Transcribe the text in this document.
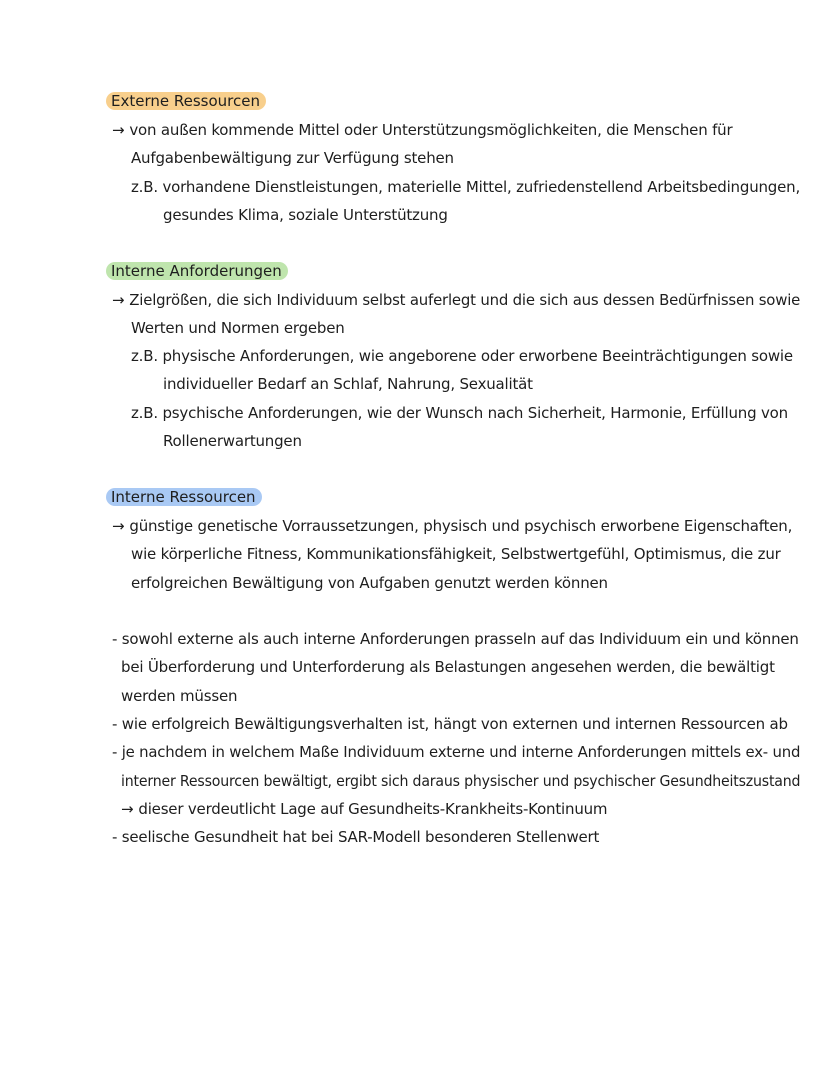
Externe Ressourcen
→ von außen kommende Mittel oder Unterstützungsmöglichkeiten, die Menschen für
Aufgabenbewältigung zur Verfügung stehen
z.B. vorhandene Dienstleistungen, materielle Mittel, zufriedenstellend Arbeitsbedingungen,
gesundes Klima, soziale Unterstützung
Interne Anforderungen
→ Zielgrößen, die sich Individuum selbst auferlegt und die sich aus dessen Bedürfnissen sowie
Werten und Normen ergeben
z.B. physische Anforderungen, wie angeborene oder erworbene Beeinträchtigungen sowie
individueller Bedarf an Schlaf, Nahrung, Sexualität
z.B. psychische Anforderungen, wie der Wunsch nach Sicherheit, Harmonie, Erfüllung von
Rollenerwartungen
Interne Ressourcen
→ günstige genetische Vorraussetzungen, physisch und psychisch erworbene Eigenschaften,
wie körperliche Fitness, Kommunikationsfähigkeit, Selbstwertgefühl, Optimismus, die zur
erfolgreichen Bewältigung von Aufgaben genutzt werden können
- sowohl externe als auch interne Anforderungen prasseln auf das Individuum ein und können
bei Überforderung und Unterforderung als Belastungen angesehen werden, die bewältigt
werden müssen
- wie erfolgreich Bewältigungsverhalten ist, hängt von externen und internen Ressourcen ab
- je nachdem in welchem Maße Individuum externe und interne Anforderungen mittels ex- und
interner Ressourcen bewältigt, ergibt sich daraus physischer und psychischer Gesundheitszustand
→ dieser verdeutlicht Lage auf Gesundheits-Krankheits-Kontinuum
- seelische Gesundheit hat bei SAR-Modell besonderen Stellenwert
